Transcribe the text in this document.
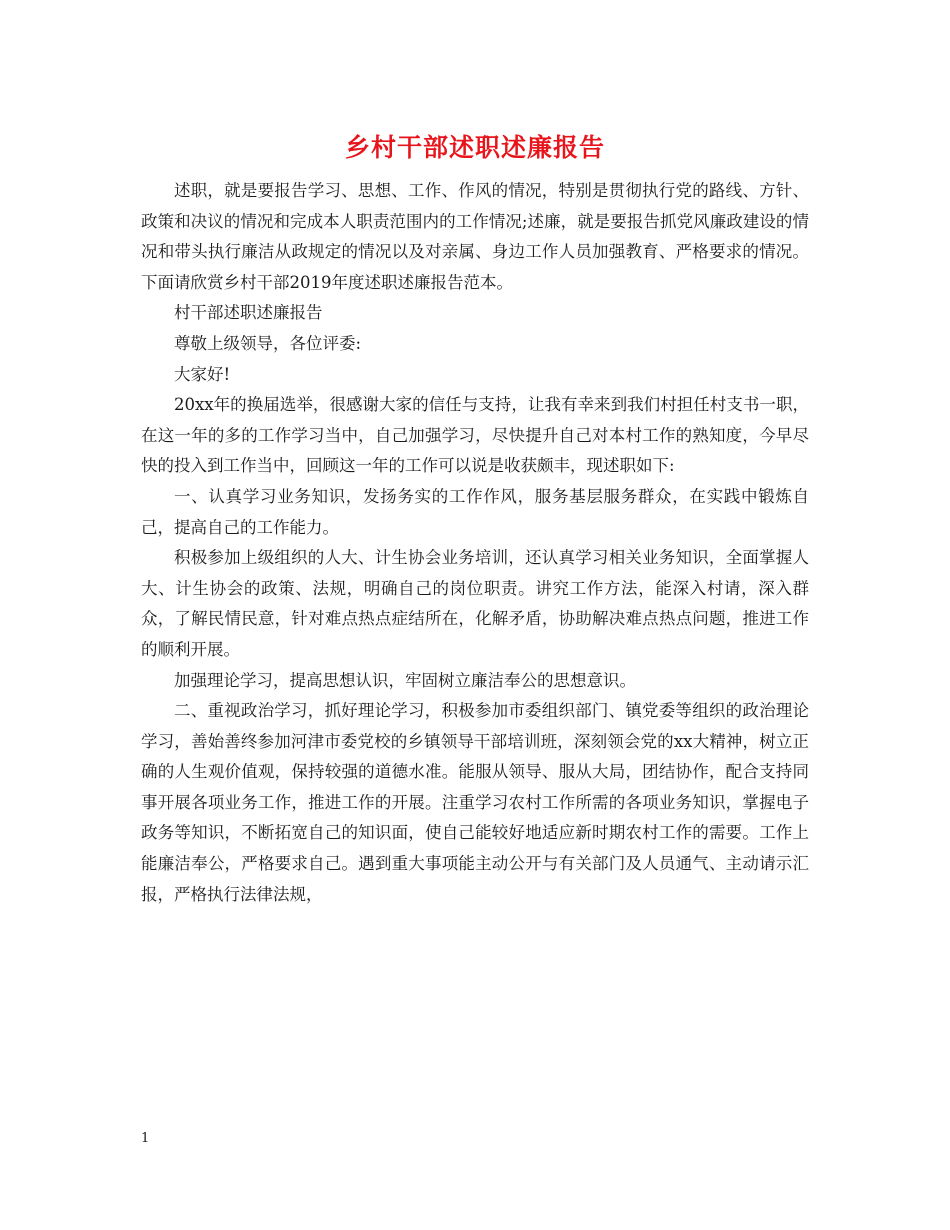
乡村干部述职述廉报告

述职，就是要报告学习、思想、工作、作风的情况，特别是贯彻执行党的路线、方针、政策和决议的情况和完成本人职责范围内的工作情况;述廉，就是要报告抓党风廉政建设的情况和带头执行廉洁从政规定的情况以及对亲属、身边工作人员加强教育、严格要求的情况。下面请欣赏乡村干部2019年度述职述廉报告范本。

村干部述职述廉报告

尊敬上级领导，各位评委:

大家好!

20xx年的换届选举，很感谢大家的信任与支持，让我有幸来到我们村担任村支书一职，在这一年的多的工作学习当中，自己加强学习，尽快提升自己对本村工作的熟知度，今早尽快的投入到工作当中，回顾这一年的工作可以说是收获颇丰，现述职如下:

一、认真学习业务知识，发扬务实的工作作风，服务基层服务群众，在实践中锻炼自己，提高自己的工作能力。

积极参加上级组织的人大、计生协会业务培训，还认真学习相关业务知识，全面掌握人大、计生协会的政策、法规，明确自己的岗位职责。讲究工作方法，能深入村请，深入群众，了解民情民意，针对难点热点症结所在，化解矛盾，协助解决难点热点问题，推进工作的顺利开展。

加强理论学习，提高思想认识，牢固树立廉洁奉公的思想意识。

二、重视政治学习，抓好理论学习，积极参加市委组织部门、镇党委等组织的政治理论学习，善始善终参加河津市委党校的乡镇领导干部培训班，深刻领会党的xx大精神，树立正确的人生观价值观，保持较强的道德水准。能服从领导、服从大局，团结协作，配合支持同事开展各项业务工作，推进工作的开展。注重学习农村工作所需的各项业务知识，掌握电子政务等知识，不断拓宽自己的知识面，使自己能较好地适应新时期农村工作的需要。工作上能廉洁奉公，严格要求自己。遇到重大事项能主动公开与有关部门及人员通气、主动请示汇报，严格执行法律法规，

1
